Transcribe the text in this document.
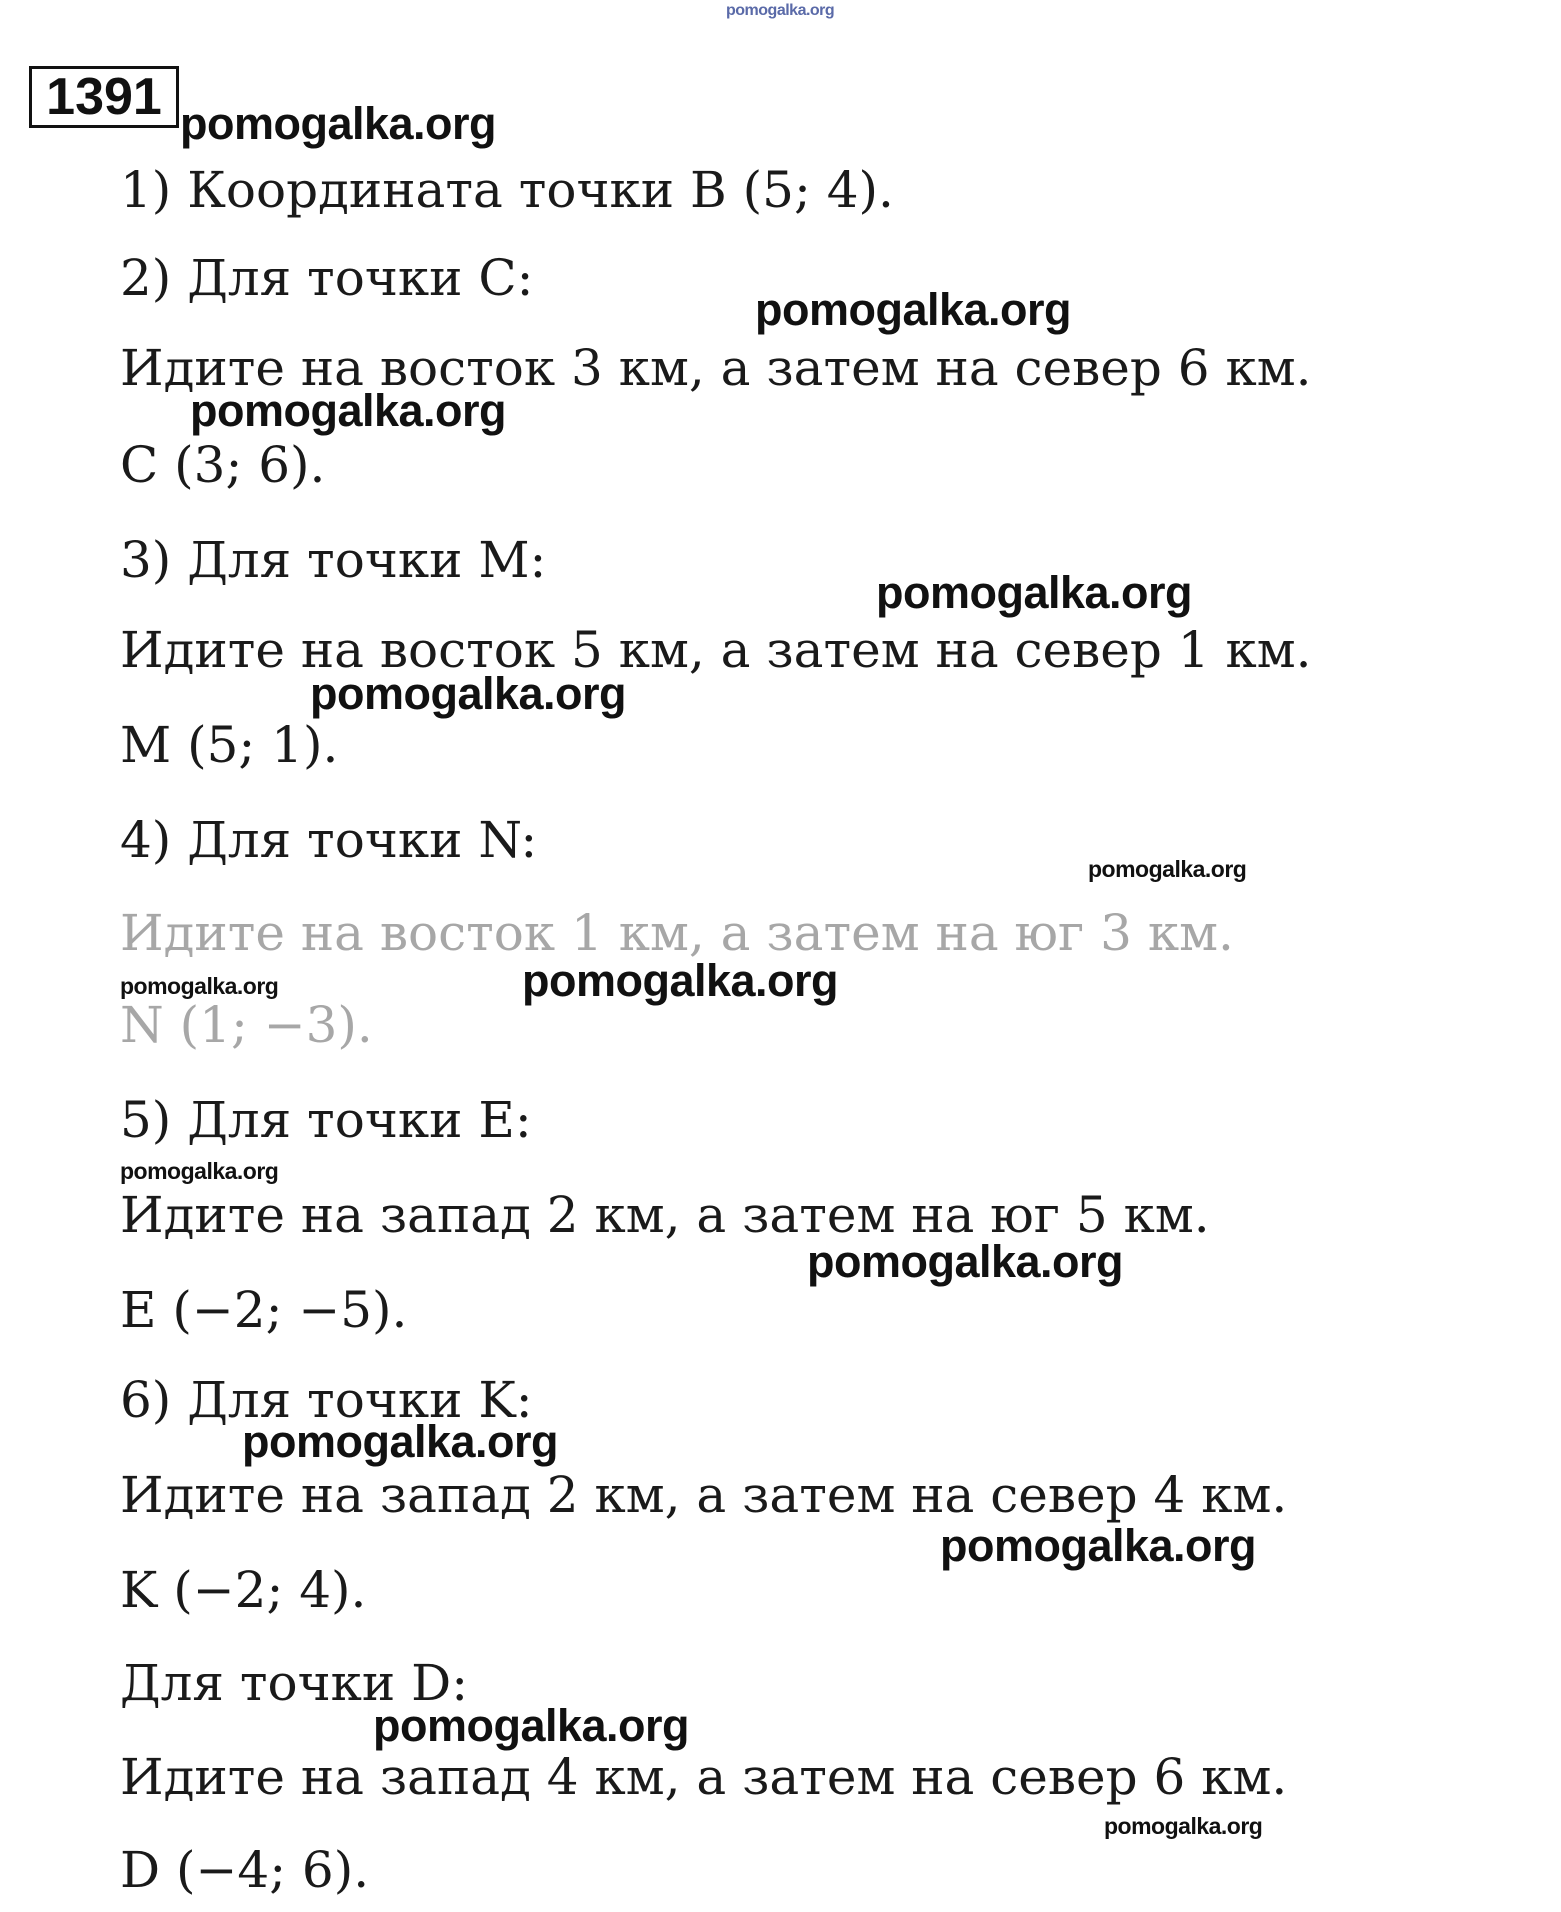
pomogalka.org
1391 pomogalka.org
1) Координата точки B (5; 4).
2) Для точки C:
pomogalka.org
Идите на восток 3 км, а затем на север 6 км.
pomogalka.org
C (3; 6).
3) Для точки M:
pomogalka.org
Идите на восток 5 км, а затем на север 1 км.
pomogalka.org
M (5; 1).
4) Для точки N:	pomogalka.org
Идите на восток 1 км, а затем на юг 3 км.
pomogalka.org	pomogalka.org
N (1; −3).
5) Для точки E:
pomogalka.org
Идите на запад 2 км, а затем на юг 5 км.
pomogalka.org
E (−2; −5).
6) Для точки K:
pomogalka.org
Идите на запад 2 км, а затем на север 4 км.
pomogalka.org
K (−2; 4).
Для точки D:
pomogalka.org
Идите на запад 4 км, а затем на север 6 км.
pomogalka.org
D (−4; 6).
